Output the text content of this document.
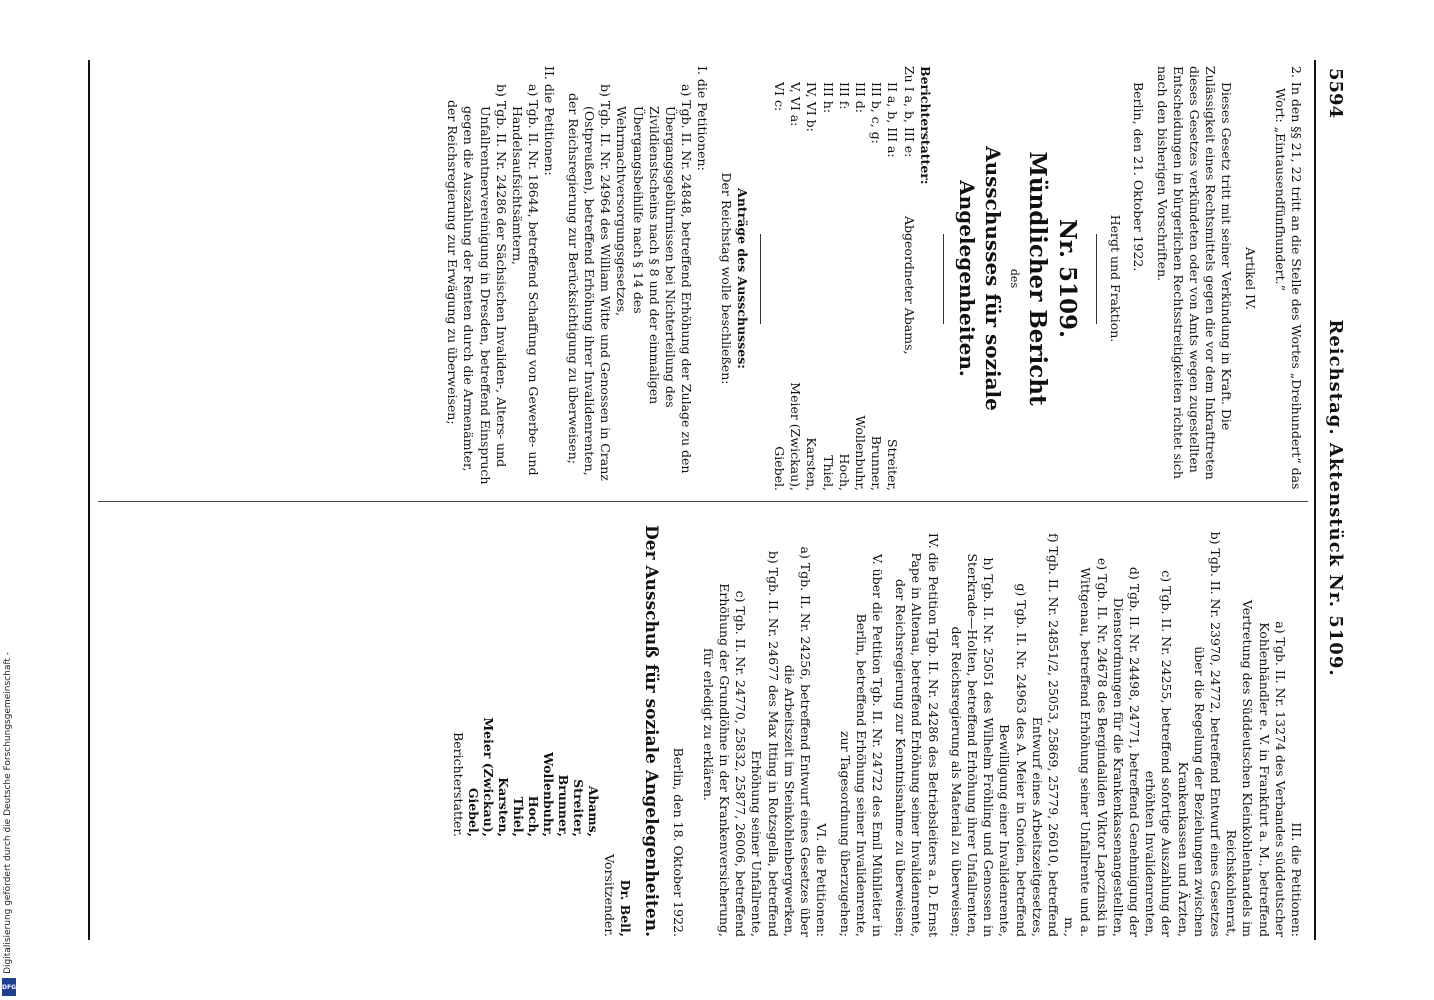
5594
Reichstag. Aktenstück Nr. 5109.

2. In den §§ 21, 22 tritt an die Stelle des Wortes „Dreihundert“ das Wort: „Eintausendfünfhundert.“

Artikel IV.

Dieses Gesetz tritt mit seiner Verkündung in Kraft. Die Zulässigkeit eines Rechtsmittels gegen die vor dem Inkrafttreten dieses Gesetzes verkündeten oder von Amts wegen zugestellten Entscheidungen in bürgerlichen Rechtsstreitigkeiten richtet sich nach den bisherigen Vorschriften.

Berlin, den 21. Oktober 1922.

Hergt und Fraktion.

Nr. 5109.

Mündlicher Bericht

des

Ausschusses für soziale Angelegenheiten.

Berichterstatter:

Zu I a, b, III e:
Abgeordneter Abams,
II a, b, III a:
Streiter,
III b, c, g:
Brunner,
III d:
Wollenbuhr,
III f:
Hoch,
III h:
Thiel,
IV, VI b:
Karsten,
V, VI a:
Meier (Zwickau),
VI c:
Giebel.

Anträge des Ausschusses:

Der Reichstag wolle beschließen:

I. die Petitionen:

a) Tgb. II. Nr. 24848, betreffend Erhöhung der Zulage zu den Übergangsgebührnissen bei Nichterteilung des Zivildienstscheins nach § 8 und der einmaligen Übergangsbeihilfe nach § 14 des Wehrmachtversorgungsgesetzes,

b) Tgb. II. Nr. 24964 des William Witte und Genossen in Cranz (Ostpreußen), betreffend Erhöhung ihrer Invalidenrenten,

der Reichsregierung zur Berücksichtigung zu überweisen;

II. die Petitionen:

a) Tgb. II. Nr. 18644, betreffend Schaffung von Gewerbe- und Handelsaufsichtsämtern,

b) Tgb. II. Nr. 24286 der Sächsischen Invaliden-, Alters- und Unfallrentnervereinigung in Dresden, betreffend Einspruch gegen die Auszahlung der Renten durch die Armenämter,

der Reichsregierung zur Erwägung zu überweisen;

III. die Petitionen:

a) Tgb. II. Nr. 13274 des Verbandes süddeutscher Kohlenhändler e. V. in Frankfurt a. M., betreffend Vertretung des Süddeutschen Kleinkohlenhandels im Reichskohlenrat,

b) Tgb. II. Nr. 23970, 24772, betreffend Entwurf eines Gesetzes über die Regelung der Beziehungen zwischen Krankenkassen und Ärzten,

c) Tgb. II. Nr. 24255, betreffend sofortige Auszahlung der erhöhten Invalidenrenten,

d) Tgb. II. Nr. 24498, 24771, betreffend Genehmigung der Dienstordnungen für die Krankenkassenangestellten,

e) Tgb. II. Nr. 24678 des Bergindaliden Viktor Lapczinski in Wittgenau, betreffend Erhöhung seiner Unfallrente und a. m.,

f) Tgb. II. Nr. 24851/2, 25053, 25869, 25779, 26010, betreffend Entwurf eines Arbeitszeitgesetzes,

g) Tgb. II. Nr. 24963 des A. Meier in Gnoien, betreffend Bewilligung einer Invalidenrente,

h) Tgb. II. Nr. 25051 des Wilhelm Fröhling und Genossen in Sterkrade—Holten, betreffend Erhöhung ihrer Unfallrenten,

der Reichsregierung als Material zu überweisen;

IV. die Petition Tgb. II. Nr. 24286 des Betriebsleiters a. D. Ernst Pape in Altenau, betreffend Erhöhung seiner Invalidenrente,

der Reichsregierung zur Kenntnisnahme zu überweisen;

V. über die Petition Tgb. II. Nr. 24722 des Emil Mühlleiter in Berlin, betreffend Erhöhung seiner Invalidenrente,

zur Tagesordnung überzugehen;

VI. die Petitionen:

a) Tgb. II. Nr. 24256, betreffend Entwurf eines Gesetzes über die Arbeitszeit im Steinkohlenbergwerken,

b) Tgb. II. Nr. 24677 des Max Itting in Rotzsgella, betreffend Erhöhung seiner Unfallrente,

c) Tgb. II. Nr. 24770, 25832, 25877, 26006, betreffend Erhöhung der Grundlöhne in der Krankenversicherung,

für erledigt zu erklären.

Berlin, den 18. Oktober 1922.

Der Ausschuß für soziale Angelegenheiten.

Dr. Bell,
Vorsitzender.
Abams,
Streiter,
Brunner,
Wollenbuhr,
Hoch,
Thiel,
Karsten,
Meier (Zwickau),
Giebel,
Berichterstatter.
Digitalisierung gefördert durch die Deutsche Forschungsgemeinschaft -
DFG
